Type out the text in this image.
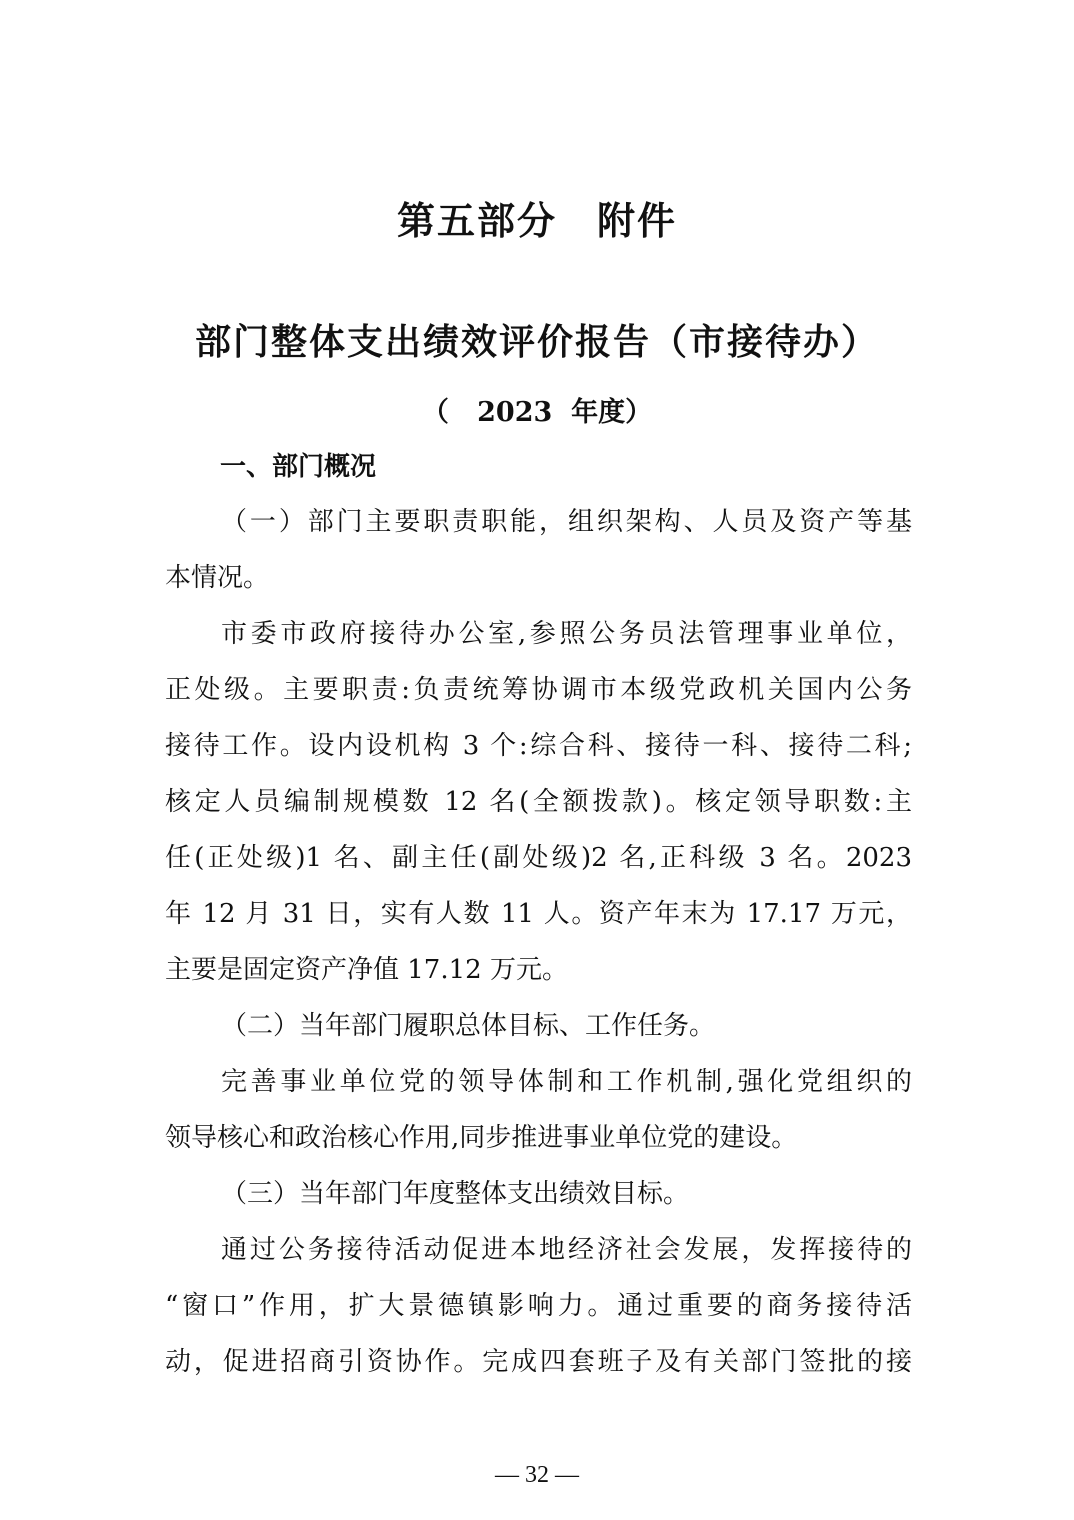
第五部分 附件
部门整体支出绩效评价报告（市接待办）
（   2023  年度）
一、部门概况
（一）部门主要职责职能，组织架构、人员及资产等基
本情况。
市委市政府接待办公室,参照公务员法管理事业单位，
正处级。主要职责:负责统筹协调市本级党政机关国内公务
接待工作。设内设机构 3 个:综合科、接待一科、接待二科;
核定人员编制规模数 12 名(全额拨款)。核定领导职数:主
任(正处级)1 名、副主任(副处级)2 名,正科级 3 名。2023
年 12 月 31 日，实有人数 11 人。资产年末为 17.17 万元，
主要是固定资产净值 17.12 万元。
（二）当年部门履职总体目标、工作任务。
完善事业单位党的领导体制和工作机制,强化党组织的
领导核心和政治核心作用,同步推进事业单位党的建设。
（三）当年部门年度整体支出绩效目标。
通过公务接待活动促进本地经济社会发展，发挥接待的
“窗口”作用，扩大景德镇影响力。通过重要的商务接待活
动，促进招商引资协作。完成四套班子及有关部门签批的接
— 32 —
